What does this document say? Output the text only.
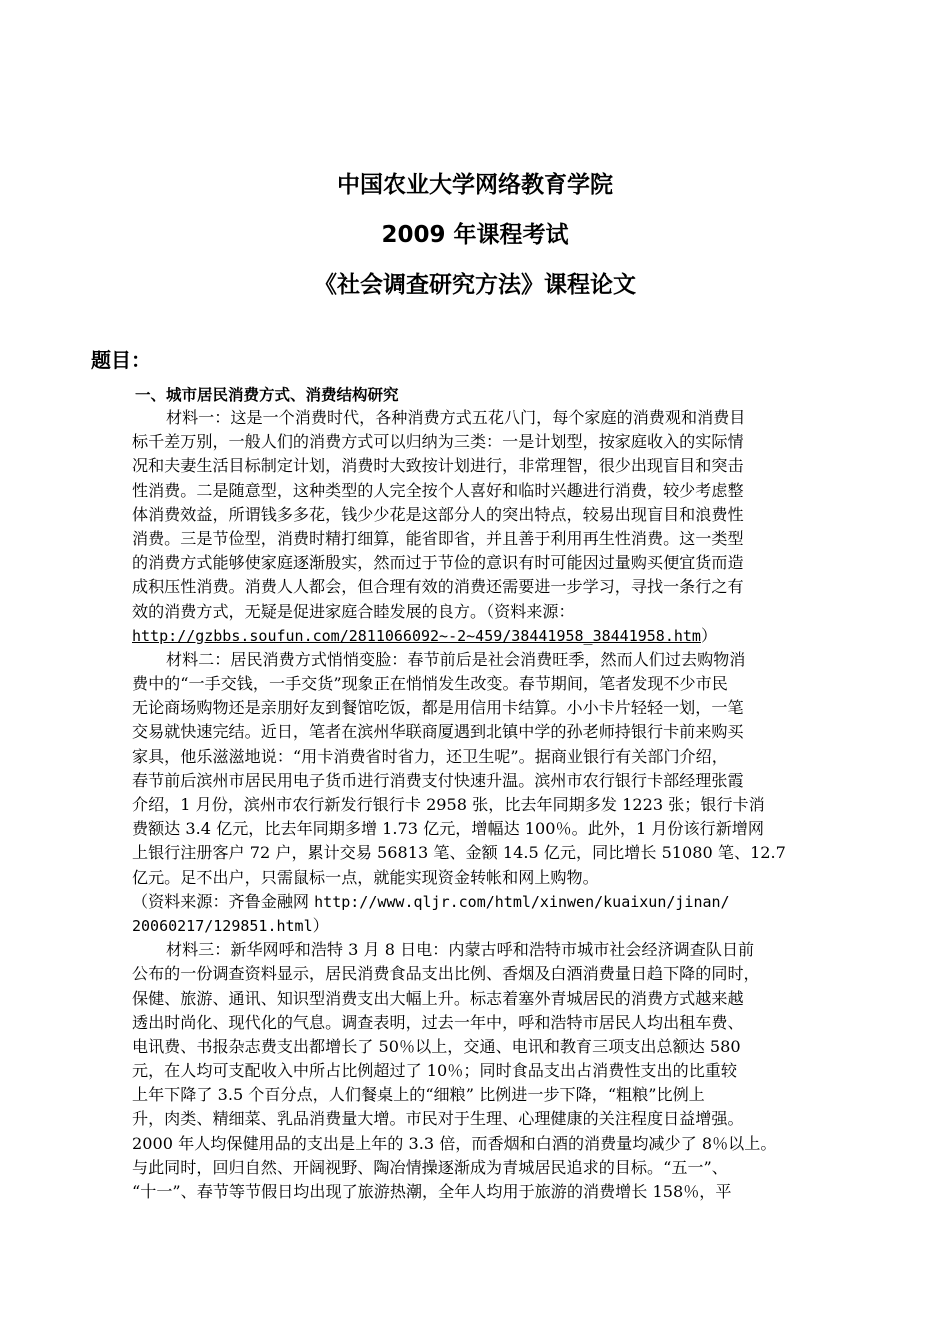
中国农业大学网络教育学院
2009 年课程考试
《社会调查研究方法》课程论文
题目：
一、城市居民消费方式、消费结构研究
材料一：这是一个消费时代，各种消费方式五花八门，每个家庭的消费观和消费目
标千差万别，一般人们的消费方式可以归纳为三类：一是计划型，按家庭收入的实际情
况和夫妻生活目标制定计划，消费时大致按计划进行，非常理智，很少出现盲目和突击
性消费。二是随意型，这种类型的人完全按个人喜好和临时兴趣进行消费，较少考虑整
体消费效益，所谓钱多多花，钱少少花是这部分人的突出特点，较易出现盲目和浪费性
消费。三是节俭型，消费时精打细算，能省即省，并且善于利用再生性消费。这一类型
的消费方式能够使家庭逐渐殷实，然而过于节俭的意识有时可能因过量购买便宜货而造
成积压性消费。消费人人都会，但合理有效的消费还需要进一步学习，寻找一条行之有
效的消费方式，无疑是促进家庭合睦发展的良方。（资料来源：
http://gzbbs.soufun.com/2811066092~-2~459/38441958_38441958.htm）
材料二：居民消费方式悄悄变脸：春节前后是社会消费旺季，然而人们过去购物消
费中的“一手交钱，一手交货”现象正在悄悄发生改变。春节期间，笔者发现不少市民
无论商场购物还是亲朋好友到餐馆吃饭，都是用信用卡结算。小小卡片轻轻一划，一笔
交易就快速完结。近日，笔者在滨州华联商厦遇到北镇中学的孙老师持银行卡前来购买
家具，他乐滋滋地说：“用卡消费省时省力，还卫生呢”。据商业银行有关部门介绍，
春节前后滨州市居民用电子货币进行消费支付快速升温。滨州市农行银行卡部经理张霞
介绍，1 月份，滨州市农行新发行银行卡 2958 张，比去年同期多发 1223 张；银行卡消
费额达 3.4 亿元，比去年同期多增 1.73 亿元，增幅达 100％。此外，1 月份该行新增网
上银行注册客户 72 户，累计交易 56813 笔、金额 14.5 亿元，同比增长 51080 笔、12.7
亿元。足不出户，只需鼠标一点，就能实现资金转帐和网上购物。
（资料来源：齐鲁金融网 http://www.qljr.com/html/xinwen/kuaixun/jinan/
20060217/129851.html）
材料三：新华网呼和浩特 3 月 8 日电：内蒙古呼和浩特市城市社会经济调查队日前
公布的一份调查资料显示，居民消费食品支出比例、香烟及白酒消费量日趋下降的同时，
保健、旅游、通讯、知识型消费支出大幅上升。标志着塞外青城居民的消费方式越来越
透出时尚化、现代化的气息。调查表明，过去一年中，呼和浩特市居民人均出租车费、
电讯费、书报杂志费支出都增长了 50％以上，交通、电讯和教育三项支出总额达 580
元，在人均可支配收入中所占比例超过了 10％；同时食品支出占消费性支出的比重较
上年下降了 3.5 个百分点，人们餐桌上的“细粮” 比例进一步下降，“粗粮”比例上
升，肉类、精细菜、乳品消费量大增。市民对于生理、心理健康的关注程度日益增强。
2000 年人均保健用品的支出是上年的 3.3 倍，而香烟和白酒的消费量均减少了 8％以上。
与此同时，回归自然、开阔视野、陶冶情操逐渐成为青城居民追求的目标。“五一”、
“十一”、春节等节假日均出现了旅游热潮，全年人均用于旅游的消费增长 158％，平
